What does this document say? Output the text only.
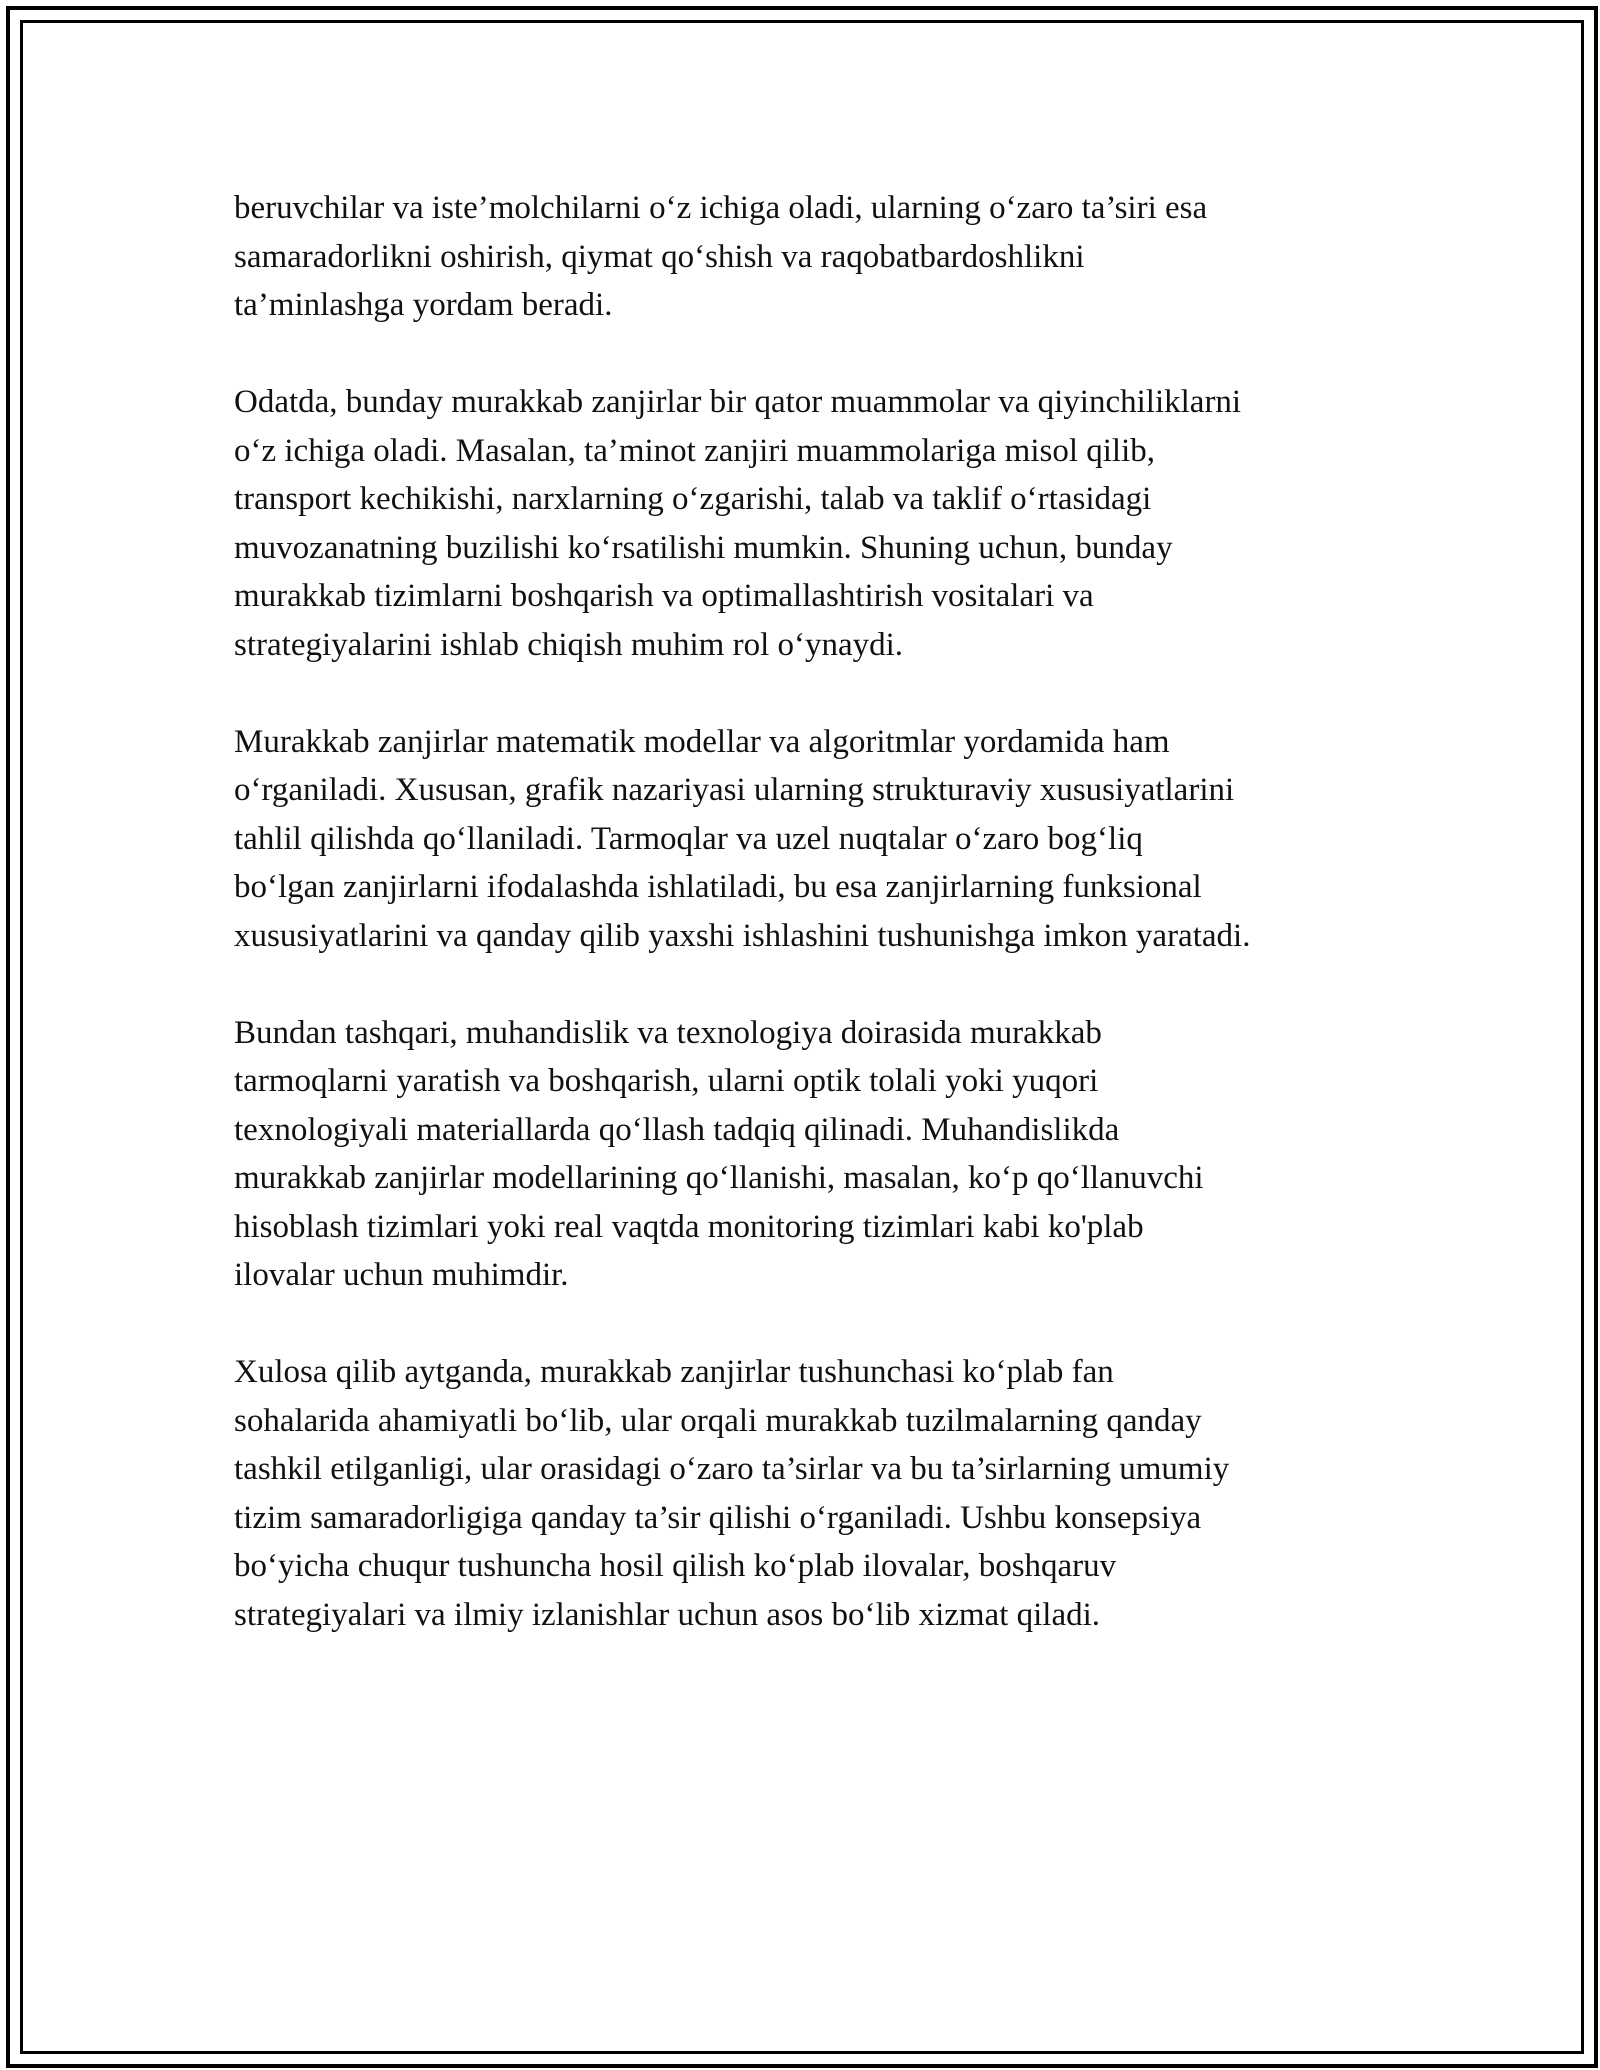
beruvchilar va iste’molchilarni o‘z ichiga oladi, ularning o‘zaro ta’siri esa
samaradorlikni oshirish, qiymat qo‘shish va raqobatbardoshlikni
ta’minlashga yordam beradi.

Odatda, bunday murakkab zanjirlar bir qator muammolar va qiyinchiliklarni
o‘z ichiga oladi. Masalan, ta’minot zanjiri muammolariga misol qilib,
transport kechikishi, narxlarning o‘zgarishi, talab va taklif o‘rtasidagi
muvozanatning buzilishi ko‘rsatilishi mumkin. Shuning uchun, bunday
murakkab tizimlarni boshqarish va optimallashtirish vositalari va
strategiyalarini ishlab chiqish muhim rol o‘ynaydi.

Murakkab zanjirlar matematik modellar va algoritmlar yordamida ham
o‘rganiladi. Xususan, grafik nazariyasi ularning strukturaviy xususiyatlarini
tahlil qilishda qo‘llaniladi. Tarmoqlar va uzel nuqtalar o‘zaro bog‘liq
bo‘lgan zanjirlarni ifodalashda ishlatiladi, bu esa zanjirlarning funksional
xususiyatlarini va qanday qilib yaxshi ishlashini tushunishga imkon yaratadi.

Bundan tashqari, muhandislik va texnologiya doirasida murakkab
tarmoqlarni yaratish va boshqarish, ularni optik tolali yoki yuqori
texnologiyali materiallarda qo‘llash tadqiq qilinadi. Muhandislikda
murakkab zanjirlar modellarining qo‘llanishi, masalan, ko‘p qo‘llanuvchi
hisoblash tizimlari yoki real vaqtda monitoring tizimlari kabi ko'plab
ilovalar uchun muhimdir.

Xulosa qilib aytganda, murakkab zanjirlar tushunchasi ko‘plab fan
sohalarida ahamiyatli bo‘lib, ular orqali murakkab tuzilmalarning qanday
tashkil etilganligi, ular orasidagi o‘zaro ta’sirlar va bu ta’sirlarning umumiy
tizim samaradorligiga qanday ta’sir qilishi o‘rganiladi. Ushbu konsepsiya
bo‘yicha chuqur tushuncha hosil qilish ko‘plab ilovalar, boshqaruv
strategiyalari va ilmiy izlanishlar uchun asos bo‘lib xizmat qiladi.
